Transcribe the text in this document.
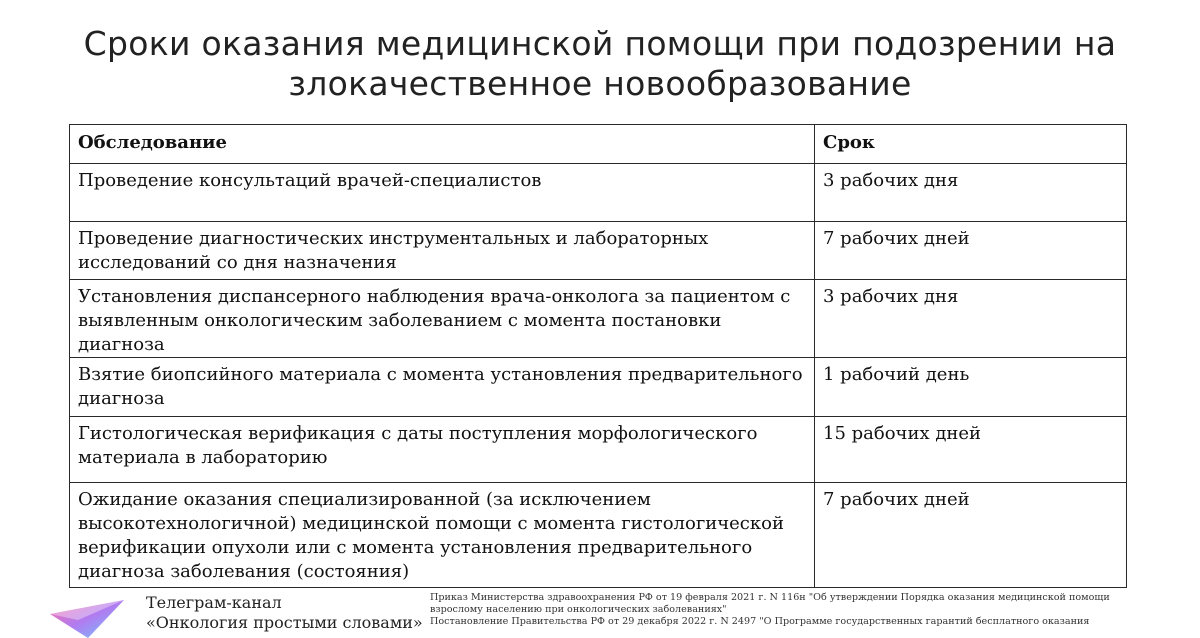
Сроки оказания медицинской помощи при подозрении на
злокачественное новообразование
Обследование	Срок
Проведение консультаций врачей-специалистов	3 рабочих дня
Проведение диагностических инструментальных и лабораторных исследований со дня назначения	7 рабочих дней
Установления диспансерного наблюдения врача-онколога за пациентом с выявленным онкологическим заболеванием с момента постановки диагноза	3 рабочих дня
Взятие биопсийного материала с момента установления предварительного диагноза	1 рабочий день
Гистологическая верификация с даты поступления морфологического материала в лабораторию	15 рабочих дней
Ожидание оказания специализированной (за исключением высокотехнологичной) медицинской помощи с момента гистологической верификации опухоли или с момента установления предварительного диагноза заболевания (состояния)	7 рабочих дней
Телеграм-канал
«Онкология простыми словами»
Приказ Министерства здравоохранения РФ от 19 февраля 2021 г. N 116н "Об утверждении Порядка оказания медицинской помощи
взрослому населению при онкологических заболеваниях"
Постановление Правительства РФ от 29 декабря 2022 г. N 2497 "О Программе государственных гарантий бесплатного оказания
